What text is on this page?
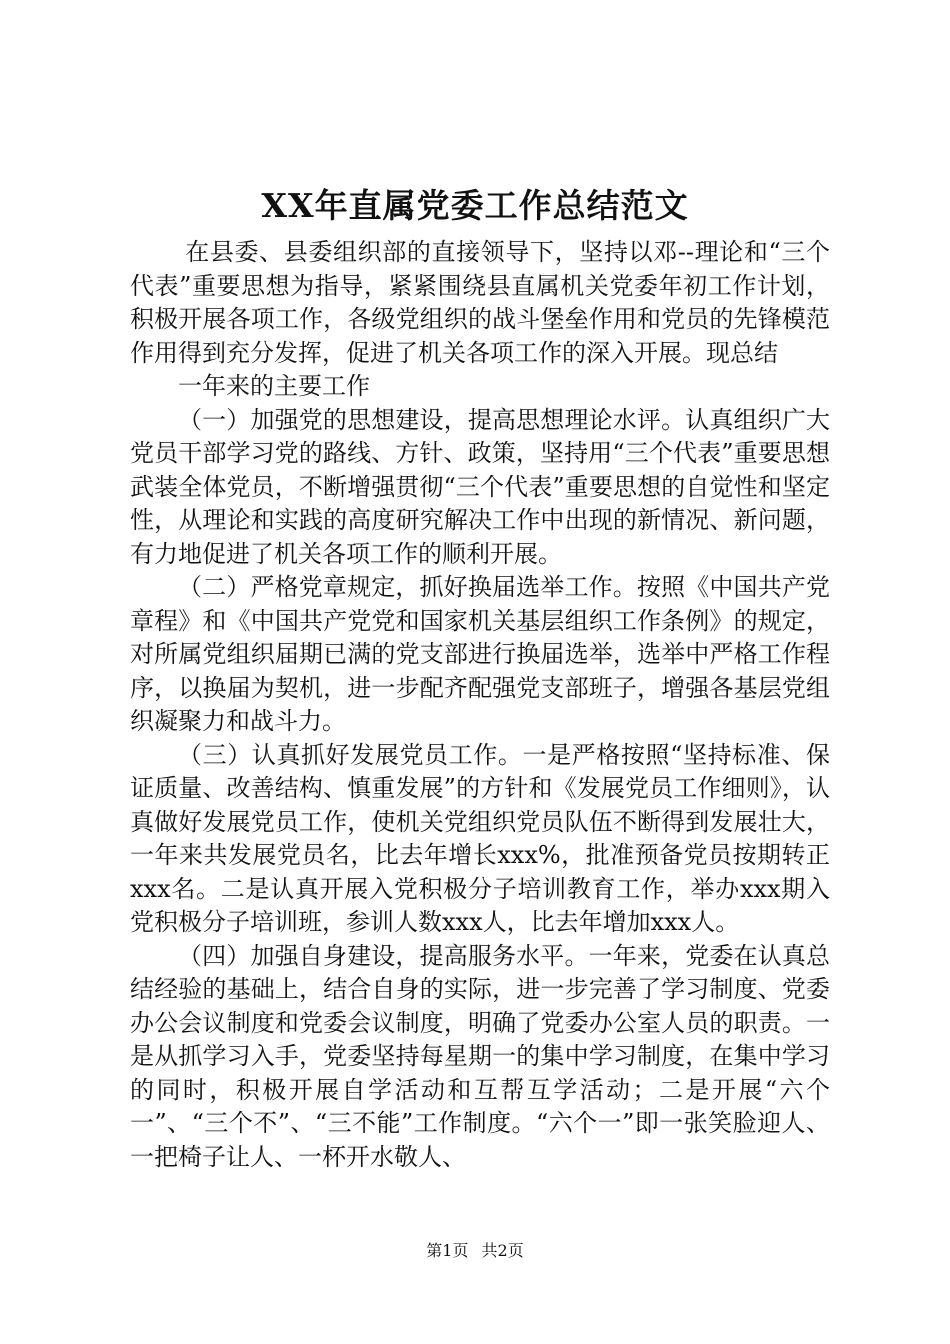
XX年直属党委工作总结范文

在县委、县委组织部的直接领导下，坚持以邓--理论和“三个代表”重要思想为指导，紧紧围绕县直属机关党委年初工作计划，积极开展各项工作，各级党组织的战斗堡垒作用和党员的先锋模范作用得到充分发挥，促进了机关各项工作的深入开展。现总结

一年来的主要工作

（一）加强党的思想建设，提高思想理论水评。认真组织广大党员干部学习党的路线、方针、政策，坚持用“三个代表”重要思想武装全体党员，不断增强贯彻“三个代表”重要思想的自觉性和坚定性，从理论和实践的高度研究解决工作中出现的新情况、新问题，有力地促进了机关各项工作的顺利开展。

（二）严格党章规定，抓好换届选举工作。按照《中国共产党章程》和《中国共产党党和国家机关基层组织工作条例》的规定，对所属党组织届期已满的党支部进行换届选举，选举中严格工作程序，以换届为契机，进一步配齐配强党支部班子，增强各基层党组织凝聚力和战斗力。

（三）认真抓好发展党员工作。一是严格按照“坚持标准、保证质量、改善结构、慎重发展”的方针和《发展党员工作细则》，认真做好发展党员工作，使机关党组织党员队伍不断得到发展壮大，一年来共发展党员名，比去年增长xxx%，批准预备党员按期转正xxx名。二是认真开展入党积极分子培训教育工作，举办xxx期入党积极分子培训班，参训人数xxx人，比去年增加xxx人。

（四）加强自身建设，提高服务水平。一年来，党委在认真总结经验的基础上，结合自身的实际，进一步完善了学习制度、党委办公会议制度和党委会议制度，明确了党委办公室人员的职责。一是从抓学习入手，党委坚持每星期一的集中学习制度，在集中学习的同时，积极开展自学活动和互帮互学活动；二是开展“六个一”、“三个不”、“三不能”工作制度。“六个一”即一张笑脸迎人、一把椅子让人、一杯开水敬人、

第1页 共2页
